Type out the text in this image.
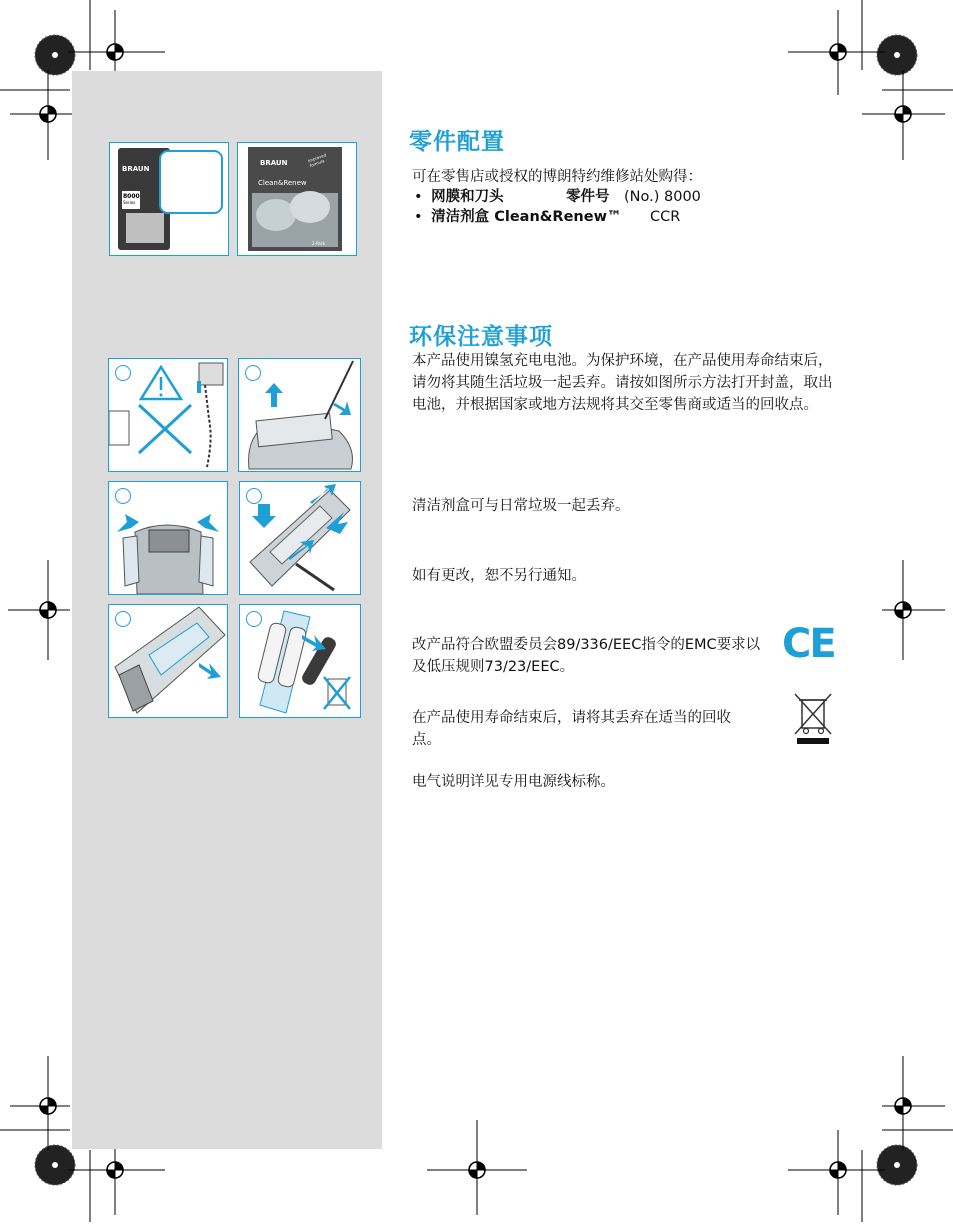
BRAUN
8000
Series
BRAUN
Clean&Renew
Improved formula
2-Pack
零件配置
可在零售店或授权的博朗特约维修站处购得：
• 网膜和刀头	零件号 (No.) 8000
• 清洁剂盒 Clean&Renew™ CCR
环保注意事项
本产品使用镍氢充电电池。为保护环境，在产品使用寿命结束后，请勿将其随生活垃圾一起丢弃。请按如图所示方法打开封盖，取出电池，并根据国家或地方法规将其交至零售商或适当的回收点。
清洁剂盒可与日常垃圾一起丢弃。
如有更改，恕不另行通知。
改产品符合欧盟委员会89/336/EEC指令的EMC要求以及低压规则73/23/EEC。	CE
在产品使用寿命结束后，请将其丢弃在适当的回收点。
电气说明详见专用电源线标称。
